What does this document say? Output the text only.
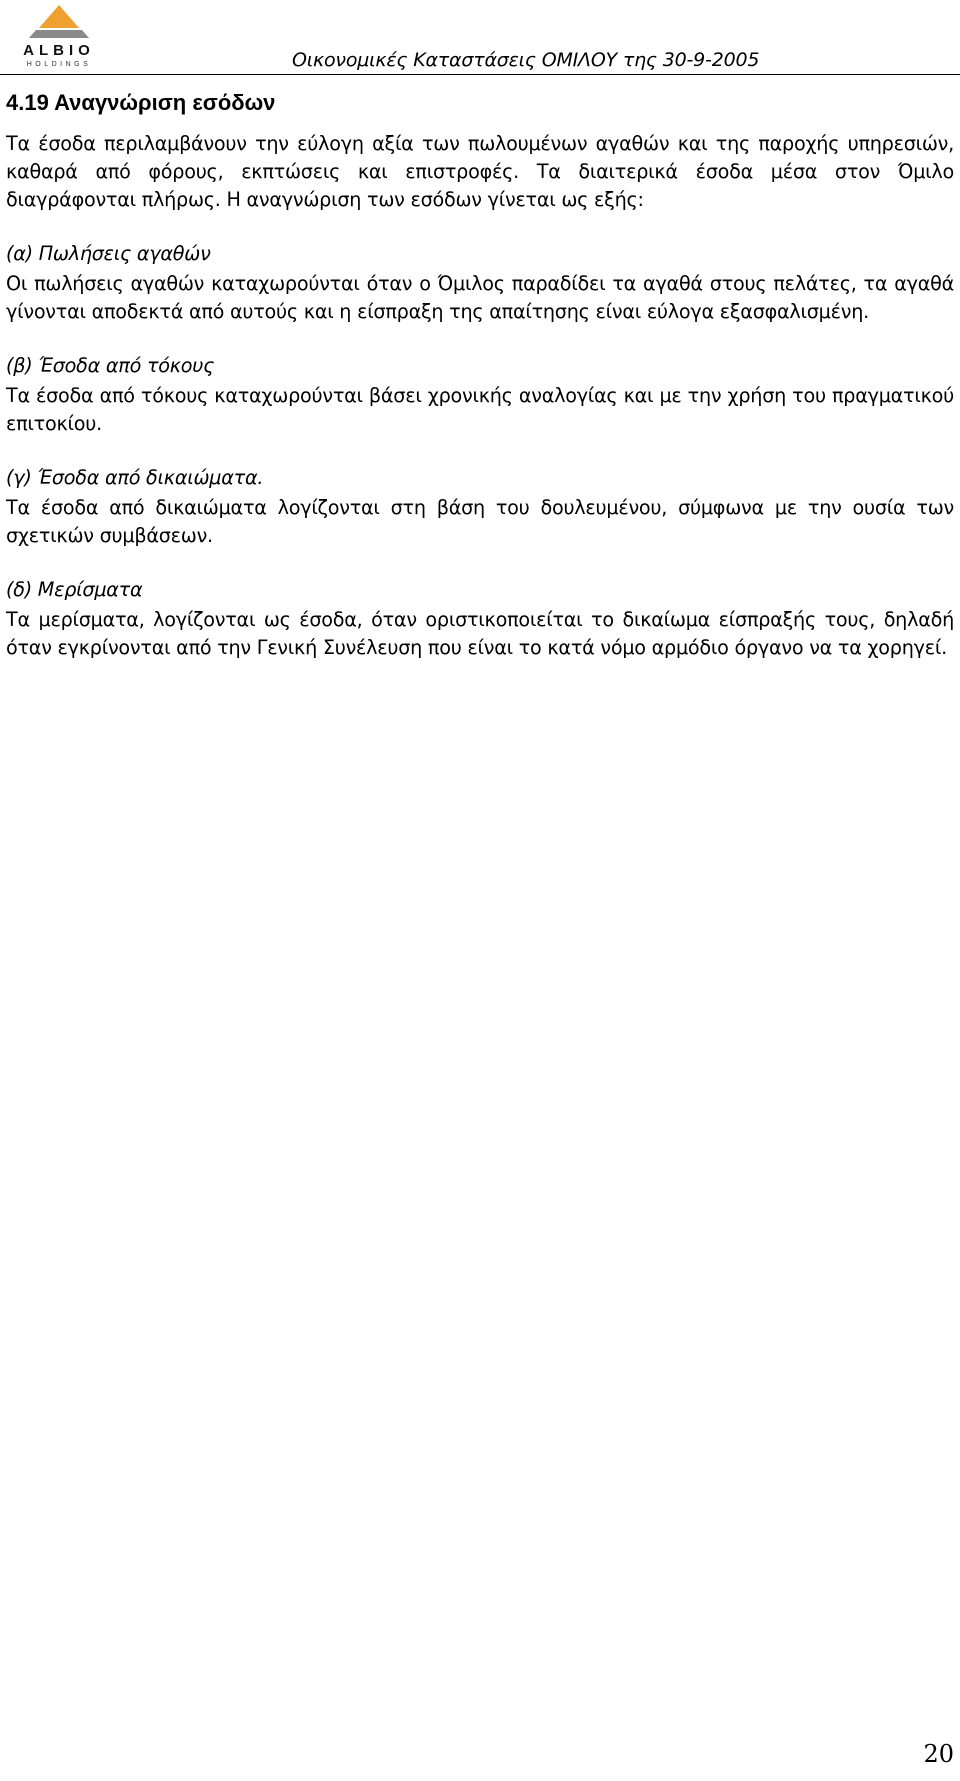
ALBIO
HOLDINGS	Οικονομικές Καταστάσεις ΟΜΙΛΟΥ της 30-9-2005
4.19 Αναγνώριση εσόδων

Τα έσοδα περιλαμβάνουν την εύλογη αξία των πωλουμένων αγαθών και της παροχής υπηρεσιών, καθαρά από φόρους, εκπτώσεις και επιστροφές. Τα διαιτερικά έσοδα μέσα στον Όμιλο διαγράφονται πλήρως. Η αναγνώριση των εσόδων γίνεται ως εξής:

(α) Πωλήσεις αγαθών

Οι πωλήσεις αγαθών καταχωρούνται όταν ο Όμιλος παραδίδει τα αγαθά στους πελάτες, τα αγαθά γίνονται αποδεκτά από αυτούς και η είσπραξη της απαίτησης είναι εύλογα εξασφαλισμένη.

(β) Έσοδα από τόκους

Τα έσοδα από τόκους καταχωρούνται βάσει χρονικής αναλογίας και με την χρήση του πραγματικού επιτοκίου.

(γ) Έσοδα από δικαιώματα.

Τα έσοδα από δικαιώματα λογίζονται στη βάση του δουλευμένου, σύμφωνα με την ουσία των σχετικών συμβάσεων.

(δ) Μερίσματα

Τα μερίσματα, λογίζονται ως έσοδα, όταν οριστικοποιείται το δικαίωμα είσπραξής τους, δηλαδή όταν εγκρίνονται από την Γενική Συνέλευση που είναι το κατά νόμο αρμόδιο όργανο να τα χορηγεί.

20
